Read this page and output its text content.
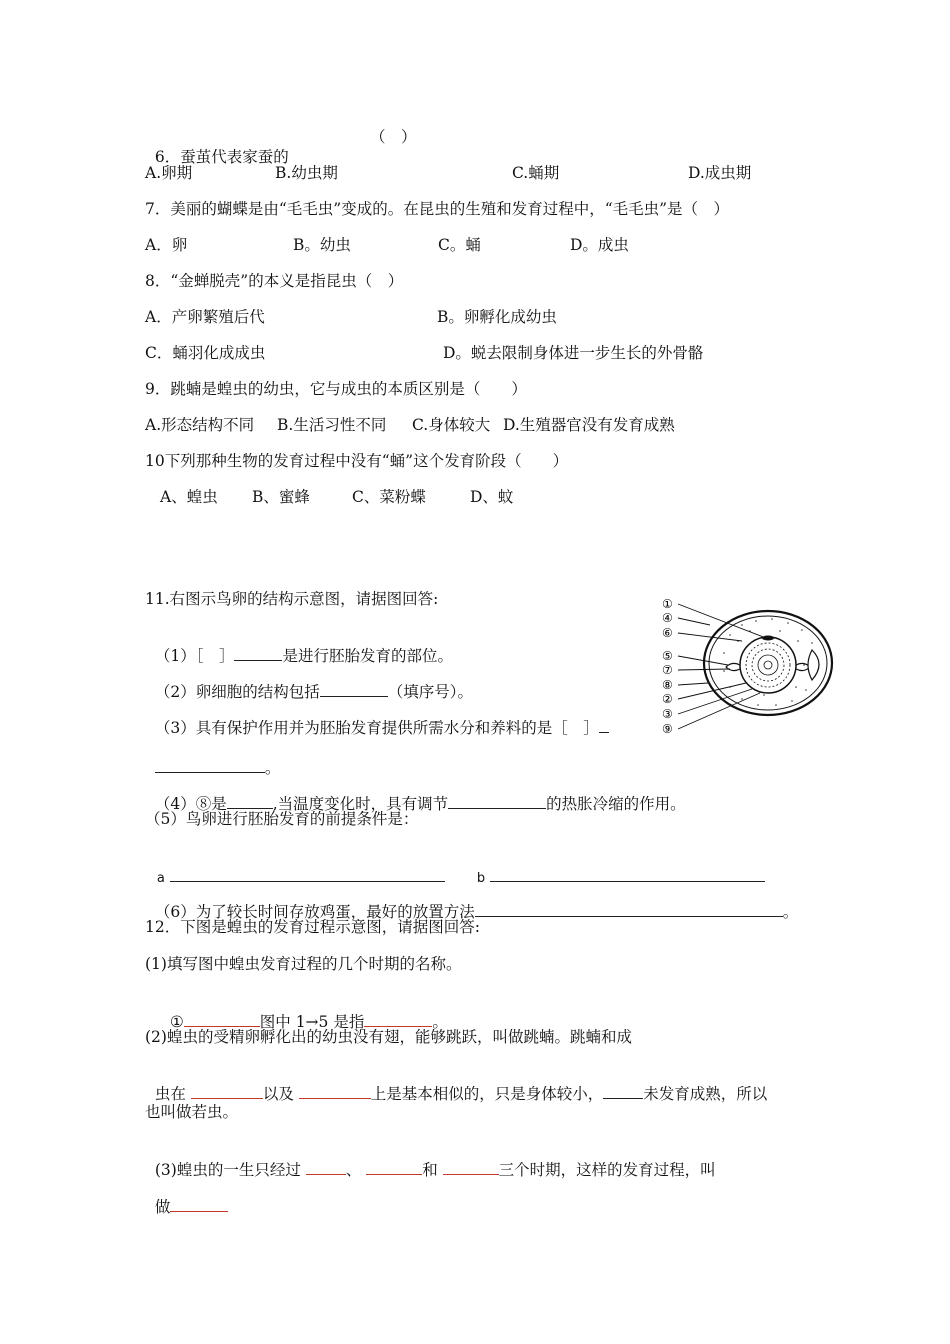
6．蚕茧代表家蚕的

（　）
A.卵期	B.幼虫期	C.蛹期	D.成虫期
7．美丽的蝴蝶是由“毛毛虫”变成的。在昆虫的生殖和发育过程中，“毛毛虫”是（　）
A．卵	B。幼虫	C。蛹	D。成虫
8．“金蝉脱壳”的本义是指昆虫（　）
A．产卵繁殖后代	B。卵孵化成幼虫
C．蛹羽化成成虫	D。蜕去限制身体进一步生长的外骨骼
9．跳蝻是蝗虫的幼虫，它与成虫的本质区别是（　　）
A.形态结构不同 B.生活习性不同 C.身体较大 D.生殖器官没有发育成熟
10下列那种生物的发育过程中没有“蛹”这个发育阶段（　　）
A、蝗虫 B、蜜蜂	C、菜粉蝶	D、蚊
11.右图示鸟卵的结构示意图，请据图回答:

（1）［　］	是进行胚胎发育的部位。

（2）卵细胞的结构包括	（填序号）。

（3）具有保护作用并为胚胎发育提供所需水分和养料的是［　］

。

（4）⑧是	,当温度变化时，具有调节	的热胀冷缩的作用。

（5）鸟卵进行胚胎发育的前提条件是：

a	b

（6）为了较长时间存放鸡蛋，最好的放置方法	。

①
④
⑥
⑤
⑦
⑧
②
③
⑨
12．下图是蝗虫的发育过程示意图，请据图回答:
(1)填写图中蝗虫发育过程的几个时期的名称。

①	图中 1→5 是指	。

(2)蝗虫的受精卵孵化出的幼虫没有翅，能够跳跃，叫做跳蝻。跳蝻和成

虫在	以及	上是基本相似的，只是身体较小，	未发育成熟，所以

也叫做若虫。

(3)蝗虫的一生只经过	、	和	三个时期，这样的发育过程，叫

做
